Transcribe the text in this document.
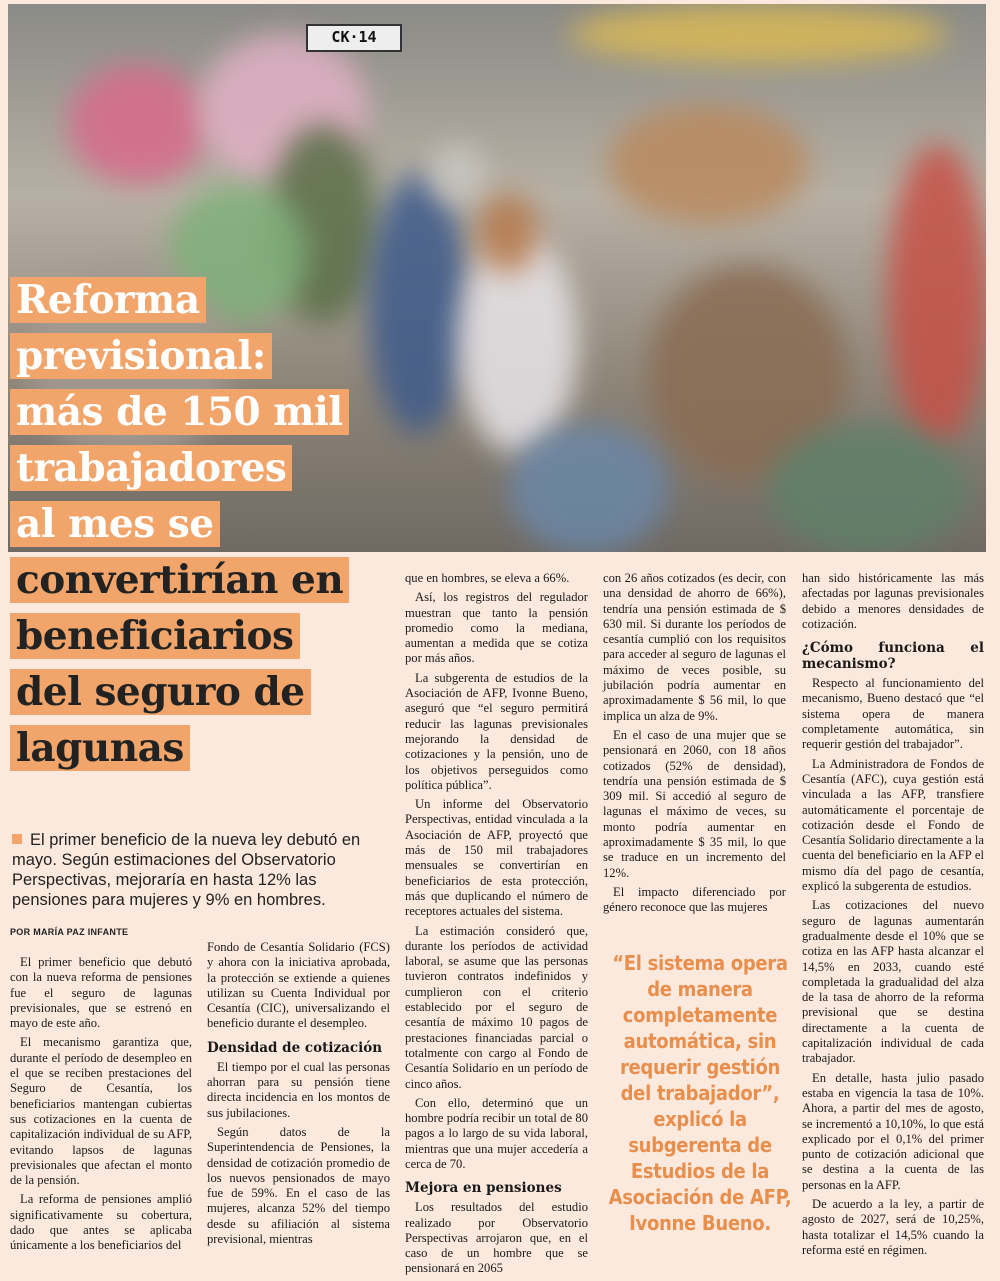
CK·14
Reforma
previsional:
más de 150 mil
trabajadores
al mes se
convertirían en
beneficiarios
del seguro de
lagunas
El primer beneficio de la nueva ley debutó en mayo. Según estimaciones del Observatorio Perspectivas, mejoraría en hasta 12% las pensiones para mujeres y 9% en hombres.
POR MARÍA PAZ INFANTE

El primer beneficio que debutó con la nueva reforma de pensiones fue el seguro de lagunas previsionales, que se estrenó en mayo de este año.

El mecanismo garantiza que, durante el período de desempleo en el que se reciben prestaciones del Seguro de Cesantía, los beneficiarios mantengan cubiertas sus cotizaciones en la cuenta de capitalización individual de su AFP, evitando lapsos de lagunas previsionales que afectan el monto de la pensión.

La reforma de pensiones amplió significativamente su cobertura, dado que antes se aplicaba únicamente a los beneficiarios del

Fondo de Cesantía Solidario (FCS) y ahora con la iniciativa aprobada, la protección se extiende a quienes utilizan su Cuenta Individual por Cesantía (CIC), universalizando el beneficio durante el desempleo.

Densidad de cotización

El tiempo por el cual las personas ahorran para su pensión tiene directa incidencia en los montos de sus jubilaciones.

Según datos de la Superintendencia de Pensiones, la densidad de cotización promedio de los nuevos pensionados de mayo fue de 59%. En el caso de las mujeres, alcanza 52% del tiempo desde su afiliación al sistema previsional, mientras

que en hombres, se eleva a 66%.

Así, los registros del regulador muestran que tanto la pensión promedio como la mediana, aumentan a medida que se cotiza por más años.

La subgerenta de estudios de la Asociación de AFP, Ivonne Bueno, aseguró que “el seguro permitirá reducir las lagunas previsionales mejorando la densidad de cotizaciones y la pensión, uno de los objetivos perseguidos como política pública”.

Un informe del Observatorio Perspectivas, entidad vinculada a la Asociación de AFP, proyectó que más de 150 mil trabajadores mensuales se convertirían en beneficiarios de esta protección, más que duplicando el número de receptores actuales del sistema.

La estimación consideró que, durante los períodos de actividad laboral, se asume que las personas tuvieron contratos indefinidos y cumplieron con el criterio establecido por el seguro de cesantía de máximo 10 pagos de prestaciones financiadas parcial o totalmente con cargo al Fondo de Cesantía Solidario en un período de cinco años.

Con ello, determinó que un hombre podría recibir un total de 80 pagos a lo largo de su vida laboral, mientras que una mujer accedería a cerca de 70.

Mejora en pensiones

Los resultados del estudio realizado por Observatorio Perspectivas arrojaron que, en el caso de un hombre que se pensionará en 2065

con 26 años cotizados (es decir, con una densidad de ahorro de 66%), tendría una pensión estimada de $ 630 mil. Si durante los períodos de cesantía cumplió con los requisitos para acceder al seguro de lagunas el máximo de veces posible, su jubilación podría aumentar en aproximadamente $ 56 mil, lo que implica un alza de 9%.

En el caso de una mujer que se pensionará en 2060, con 18 años cotizados (52% de densidad), tendría una pensión estimada de $ 309 mil. Si accedió al seguro de lagunas el máximo de veces, su monto podría aumentar en aproximadamente $ 35 mil, lo que se traduce en un incremento del 12%.

El impacto diferenciado por género reconoce que las mujeres

“El sistema opera de manera completamente automática, sin requerir gestión del trabajador”, explicó la subgerenta de Estudios de la Asociación de AFP, Ivonne Bueno.

han sido históricamente las más afectadas por lagunas previsionales debido a menores densidades de cotización.

¿Cómo funciona el mecanismo?

Respecto al funcionamiento del mecanismo, Bueno destacó que “el sistema opera de manera completamente automática, sin requerir gestión del trabajador”.

La Administradora de Fondos de Cesantía (AFC), cuya gestión está vinculada a las AFP, transfiere automáticamente el porcentaje de cotización desde el Fondo de Cesantía Solidario directamente a la cuenta del beneficiario en la AFP el mismo día del pago de cesantía, explicó la subgerenta de estudios.

Las cotizaciones del nuevo seguro de lagunas aumentarán gradualmente desde el 10% que se cotiza en las AFP hasta alcanzar el 14,5% en 2033, cuando esté completada la gradualidad del alza de la tasa de ahorro de la reforma previsional que se destina directamente a la cuenta de capitalización individual de cada trabajador.

En detalle, hasta julio pasado estaba en vigencia la tasa de 10%. Ahora, a partir del mes de agosto, se incrementó a 10,10%, lo que está explicado por el 0,1% del primer punto de cotización adicional que se destina a la cuenta de las personas en la AFP.

De acuerdo a la ley, a partir de agosto de 2027, será de 10,25%, hasta totalizar el 14,5% cuando la reforma esté en régimen.
